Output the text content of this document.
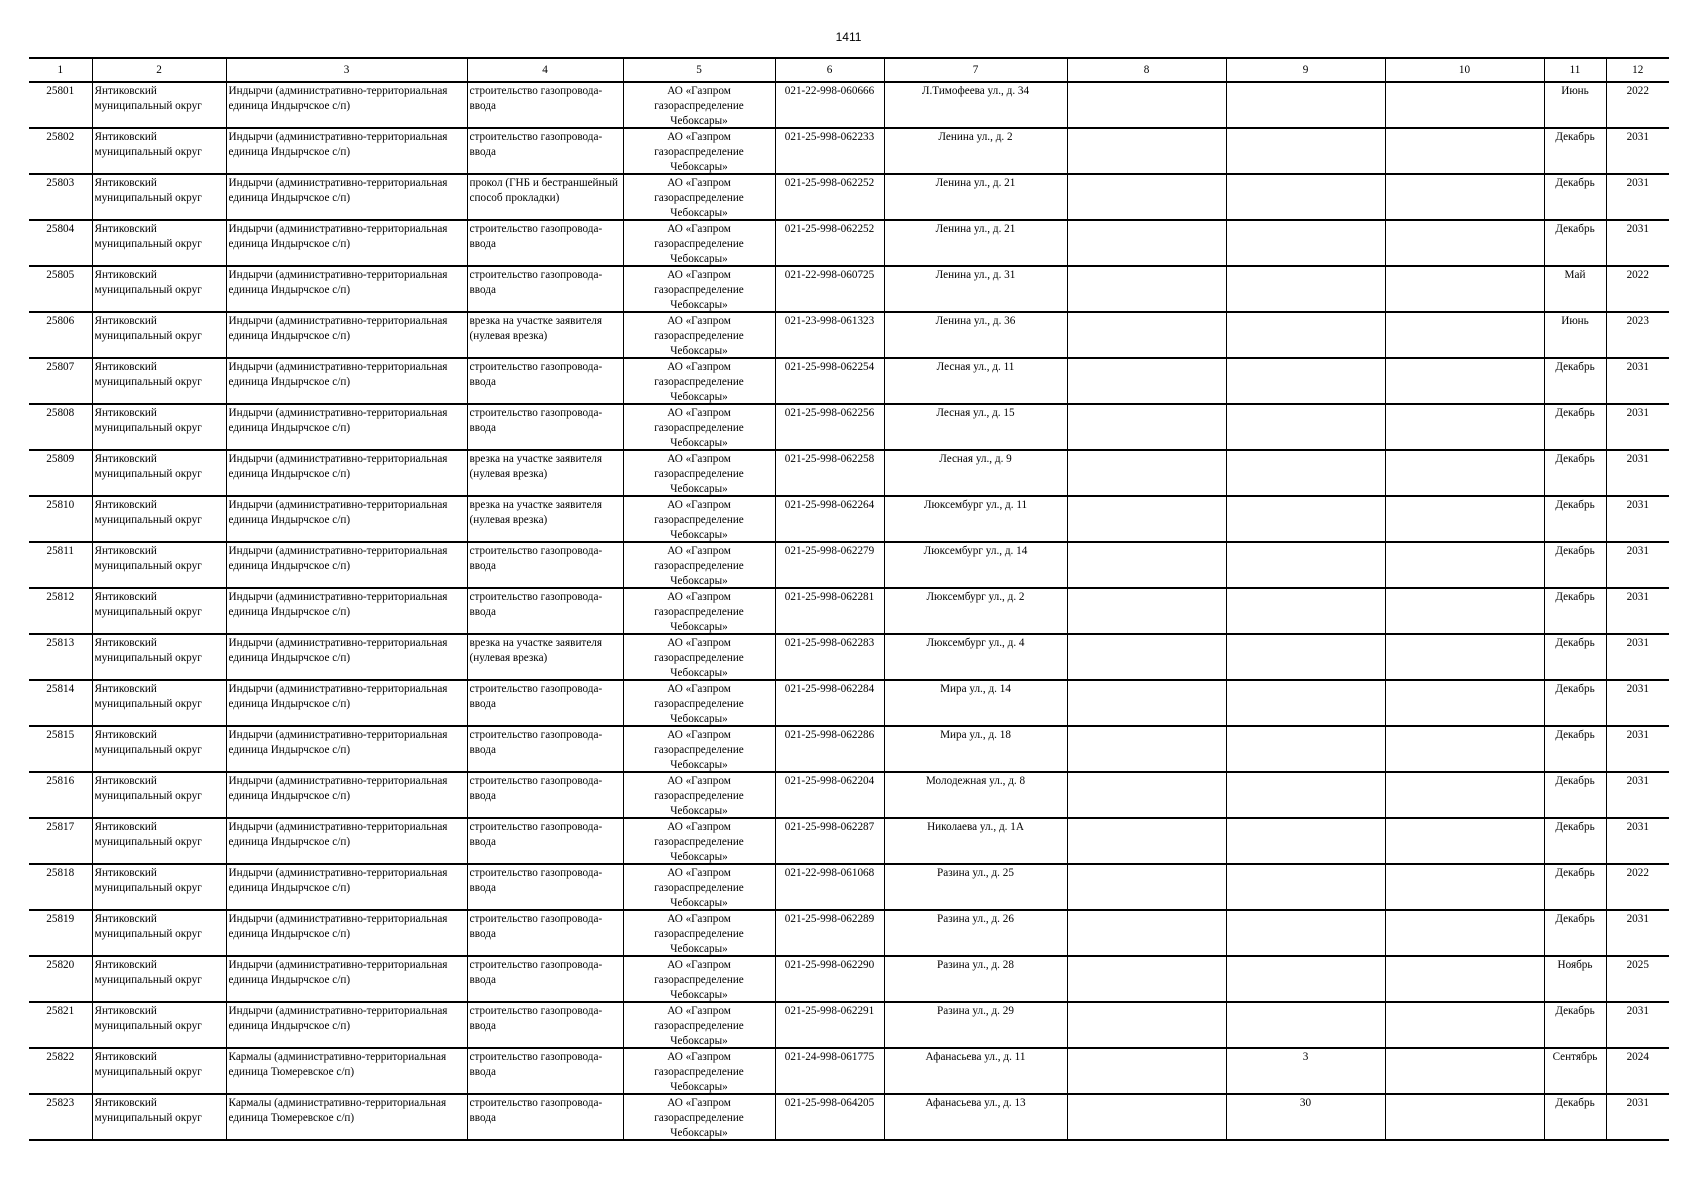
1411
1	2	3	4	5	6	7	8	9	10	11	12

25801	Янтиковский муниципальный округ	Индырчи (административно-территориальная единица Индырчское с/п)	строительство газопровода-ввода	АО «Газпром газораспределение Чебоксары»	021-22-998-060666	Л.Тимофеева ул., д. 34				Июнь	2022

25802	Янтиковский муниципальный округ	Индырчи (административно-территориальная единица Индырчское с/п)	строительство газопровода-ввода	АО «Газпром газораспределение Чебоксары»	021-25-998-062233	Ленина ул., д. 2				Декабрь	2031

25803	Янтиковский муниципальный округ	Индырчи (административно-территориальная единица Индырчское с/п)	прокол (ГНБ и бестраншейный способ прокладки)	АО «Газпром газораспределение Чебоксары»	021-25-998-062252	Ленина ул., д. 21				Декабрь	2031

25804	Янтиковский муниципальный округ	Индырчи (административно-территориальная единица Индырчское с/п)	строительство газопровода-ввода	АО «Газпром газораспределение Чебоксары»	021-25-998-062252	Ленина ул., д. 21				Декабрь	2031

25805	Янтиковский муниципальный округ	Индырчи (административно-территориальная единица Индырчское с/п)	строительство газопровода-ввода	АО «Газпром газораспределение Чебоксары»	021-22-998-060725	Ленина ул., д. 31				Май	2022

25806	Янтиковский муниципальный округ	Индырчи (административно-территориальная единица Индырчское с/п)	врезка на участке заявителя (нулевая врезка)	АО «Газпром газораспределение Чебоксары»	021-23-998-061323	Ленина ул., д. 36				Июнь	2023

25807	Янтиковский муниципальный округ	Индырчи (административно-территориальная единица Индырчское с/п)	строительство газопровода-ввода	АО «Газпром газораспределение Чебоксары»	021-25-998-062254	Лесная ул., д. 11				Декабрь	2031

25808	Янтиковский муниципальный округ	Индырчи (административно-территориальная единица Индырчское с/п)	строительство газопровода-ввода	АО «Газпром газораспределение Чебоксары»	021-25-998-062256	Лесная ул., д. 15				Декабрь	2031

25809	Янтиковский муниципальный округ	Индырчи (административно-территориальная единица Индырчское с/п)	врезка на участке заявителя (нулевая врезка)	АО «Газпром газораспределение Чебоксары»	021-25-998-062258	Лесная ул., д. 9				Декабрь	2031

25810	Янтиковский муниципальный округ	Индырчи (административно-территориальная единица Индырчское с/п)	врезка на участке заявителя (нулевая врезка)	АО «Газпром газораспределение Чебоксары»	021-25-998-062264	Люксембург ул., д. 11				Декабрь	2031

25811	Янтиковский муниципальный округ	Индырчи (административно-территориальная единица Индырчское с/п)	строительство газопровода-ввода	АО «Газпром газораспределение Чебоксары»	021-25-998-062279	Люксембург ул., д. 14				Декабрь	2031

25812	Янтиковский муниципальный округ	Индырчи (административно-территориальная единица Индырчское с/п)	строительство газопровода-ввода	АО «Газпром газораспределение Чебоксары»	021-25-998-062281	Люксембург ул., д. 2				Декабрь	2031

25813	Янтиковский муниципальный округ	Индырчи (административно-территориальная единица Индырчское с/п)	врезка на участке заявителя (нулевая врезка)	АО «Газпром газораспределение Чебоксары»	021-25-998-062283	Люксембург ул., д. 4				Декабрь	2031

25814	Янтиковский муниципальный округ	Индырчи (административно-территориальная единица Индырчское с/п)	строительство газопровода-ввода	АО «Газпром газораспределение Чебоксары»	021-25-998-062284	Мира ул., д. 14				Декабрь	2031

25815	Янтиковский муниципальный округ	Индырчи (административно-территориальная единица Индырчское с/п)	строительство газопровода-ввода	АО «Газпром газораспределение Чебоксары»	021-25-998-062286	Мира ул., д. 18				Декабрь	2031

25816	Янтиковский муниципальный округ	Индырчи (административно-территориальная единица Индырчское с/п)	строительство газопровода-ввода	АО «Газпром газораспределение Чебоксары»	021-25-998-062204	Молодежная ул., д. 8				Декабрь	2031

25817	Янтиковский муниципальный округ	Индырчи (административно-территориальная единица Индырчское с/п)	строительство газопровода-ввода	АО «Газпром газораспределение Чебоксары»	021-25-998-062287	Николаева ул., д. 1А				Декабрь	2031

25818	Янтиковский муниципальный округ	Индырчи (административно-территориальная единица Индырчское с/п)	строительство газопровода-ввода	АО «Газпром газораспределение Чебоксары»	021-22-998-061068	Разина ул., д. 25				Декабрь	2022

25819	Янтиковский муниципальный округ	Индырчи (административно-территориальная единица Индырчское с/п)	строительство газопровода-ввода	АО «Газпром газораспределение Чебоксары»	021-25-998-062289	Разина ул., д. 26				Декабрь	2031

25820	Янтиковский муниципальный округ	Индырчи (административно-территориальная единица Индырчское с/п)	строительство газопровода-ввода	АО «Газпром газораспределение Чебоксары»	021-25-998-062290	Разина ул., д. 28				Ноябрь	2025

25821	Янтиковский муниципальный округ	Индырчи (административно-территориальная единица Индырчское с/п)	строительство газопровода-ввода	АО «Газпром газораспределение Чебоксары»	021-25-998-062291	Разина ул., д. 29				Декабрь	2031

25822	Янтиковский муниципальный округ	Кармалы (административно-территориальная единица Тюмеревское с/п)	строительство газопровода-ввода	АО «Газпром газораспределение Чебоксары»	021-24-998-061775	Афанасьева ул., д. 11		3		Сентябрь	2024

25823	Янтиковский муниципальный округ	Кармалы (административно-территориальная единица Тюмеревское с/п)	строительство газопровода-ввода	АО «Газпром газораспределение Чебоксары»	021-25-998-064205	Афанасьева ул., д. 13		30		Декабрь	2031
